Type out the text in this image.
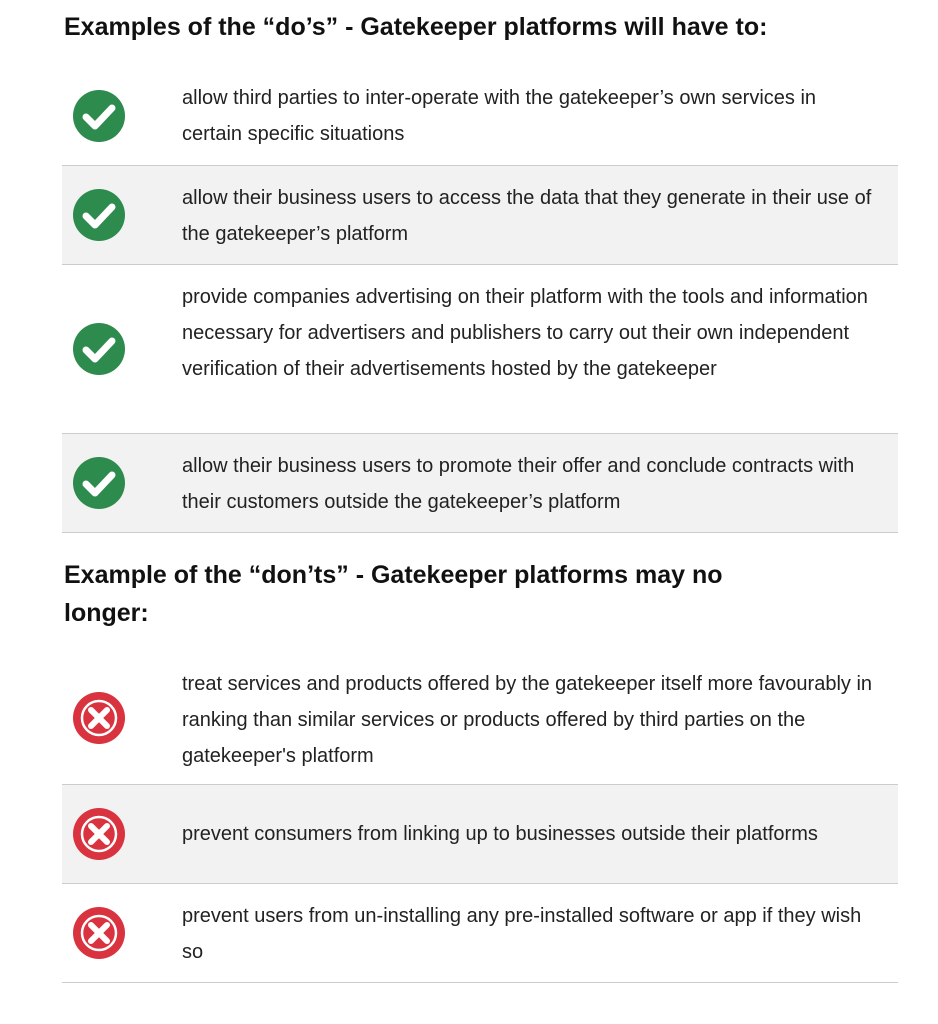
Examples of the “do’s” - Gatekeeper platforms will have to:

allow third parties to inter-operate with the gatekeeper’s own services in certain specific situations

allow their business users to access the data that they generate in their use of the gatekeeper’s platform

provide companies advertising on their platform with the tools and information necessary for advertisers and publishers to carry out their own independent verification of their advertisements hosted by the gatekeeper

allow their business users to promote their offer and conclude contracts with their customers outside the gatekeeper’s platform

Example of the “don’ts” - Gatekeeper platforms may no longer:

treat services and products offered by the gatekeeper itself more favourably in ranking than similar services or products offered by third parties on the gatekeeper's platform

prevent consumers from linking up to businesses outside their platforms

prevent users from un-installing any pre-installed software or app if they wish so
